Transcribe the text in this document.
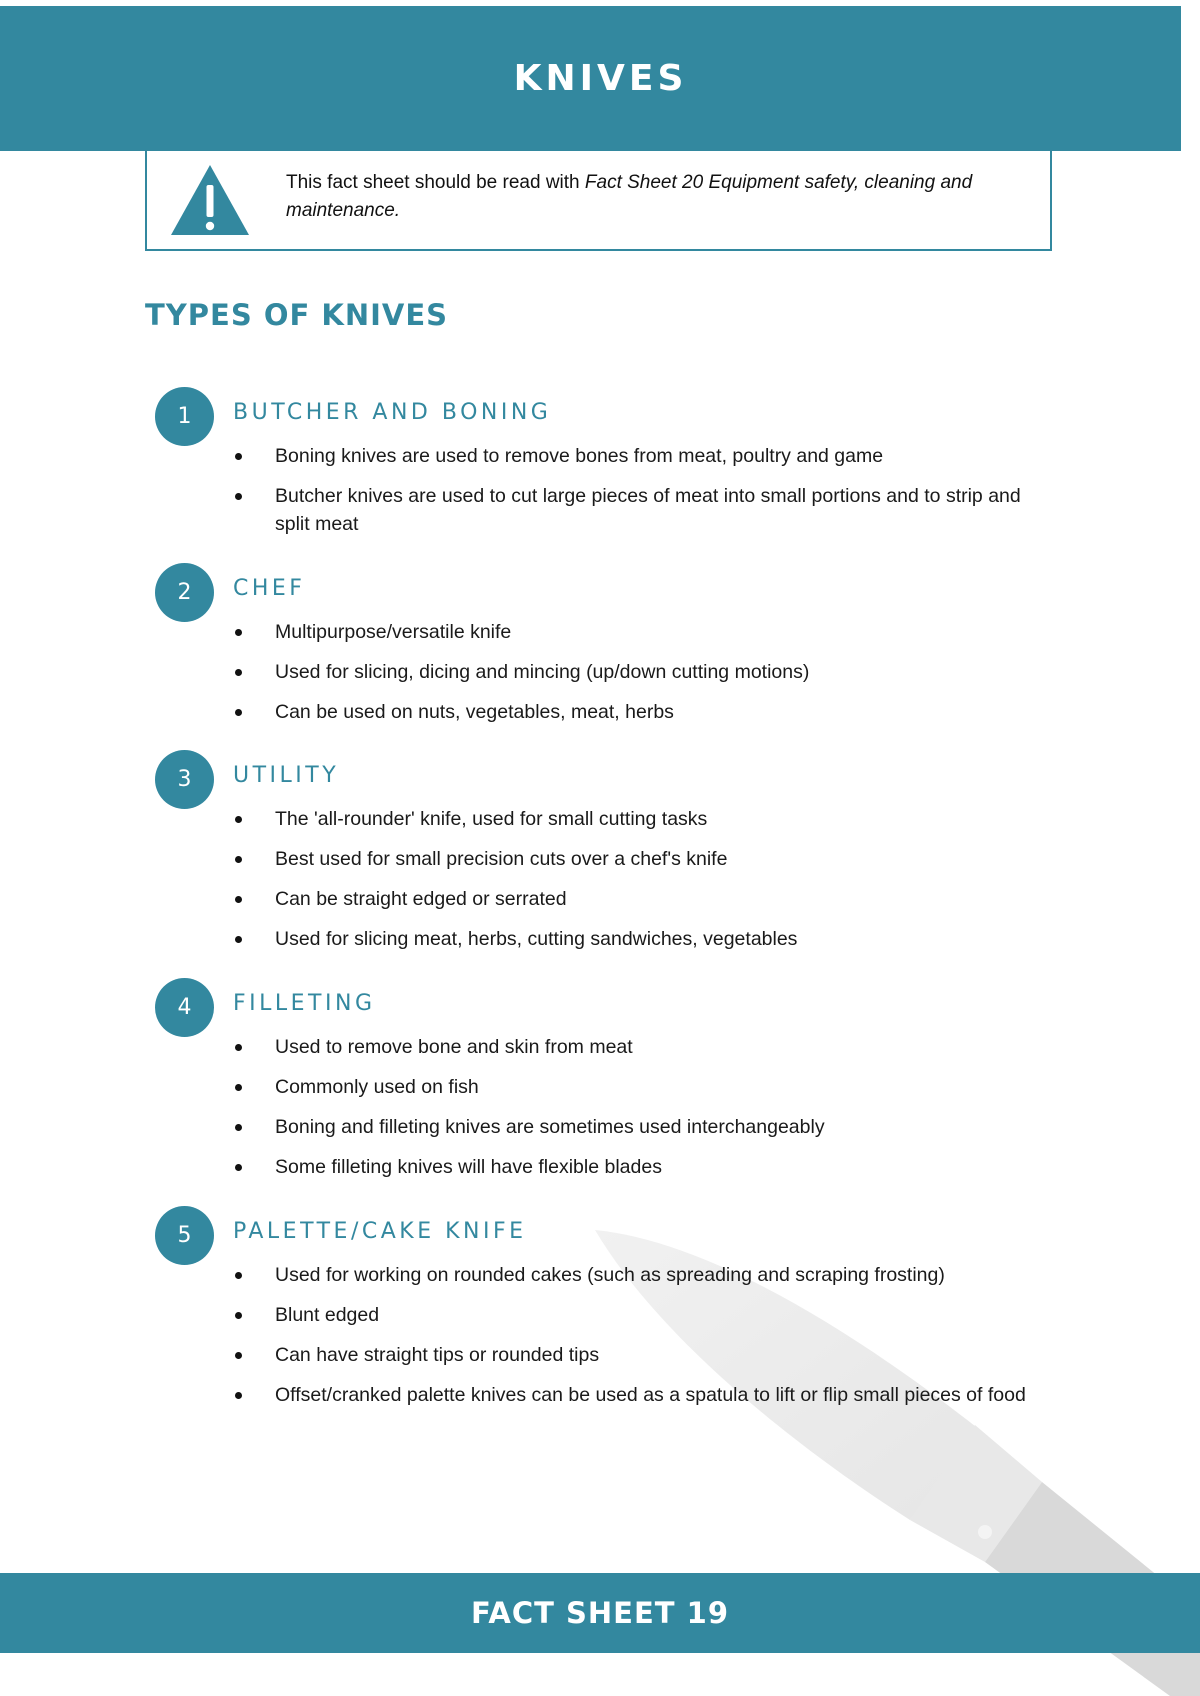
KNIVES
This fact sheet should be read with Fact Sheet 20 Equipment safety, cleaning and maintenance.
TYPES OF KNIVES
1	BUTCHER AND BONING
Boning knives are used to remove bones from meat, poultry and game
Butcher knives are used to cut large pieces of meat into small portions and to strip and split meat
2	CHEF
Multipurpose/versatile knife
Used for slicing, dicing and mincing (up/down cutting motions)
Can be used on nuts, vegetables, meat, herbs
3	UTILITY
The 'all-rounder' knife, used for small cutting tasks
Best used for small precision cuts over a chef's knife
Can be straight edged or serrated
Used for slicing meat, herbs, cutting sandwiches, vegetables
4	FILLETING
Used to remove bone and skin from meat
Commonly used on fish
Boning and filleting knives are sometimes used interchangeably
Some filleting knives will have flexible blades
5	PALETTE/CAKE KNIFE
Used for working on rounded cakes (such as spreading and scraping frosting)
Blunt edged
Can have straight tips or rounded tips
Offset/cranked palette knives can be used as a spatula to lift or flip small pieces of food
FACT SHEET 19
